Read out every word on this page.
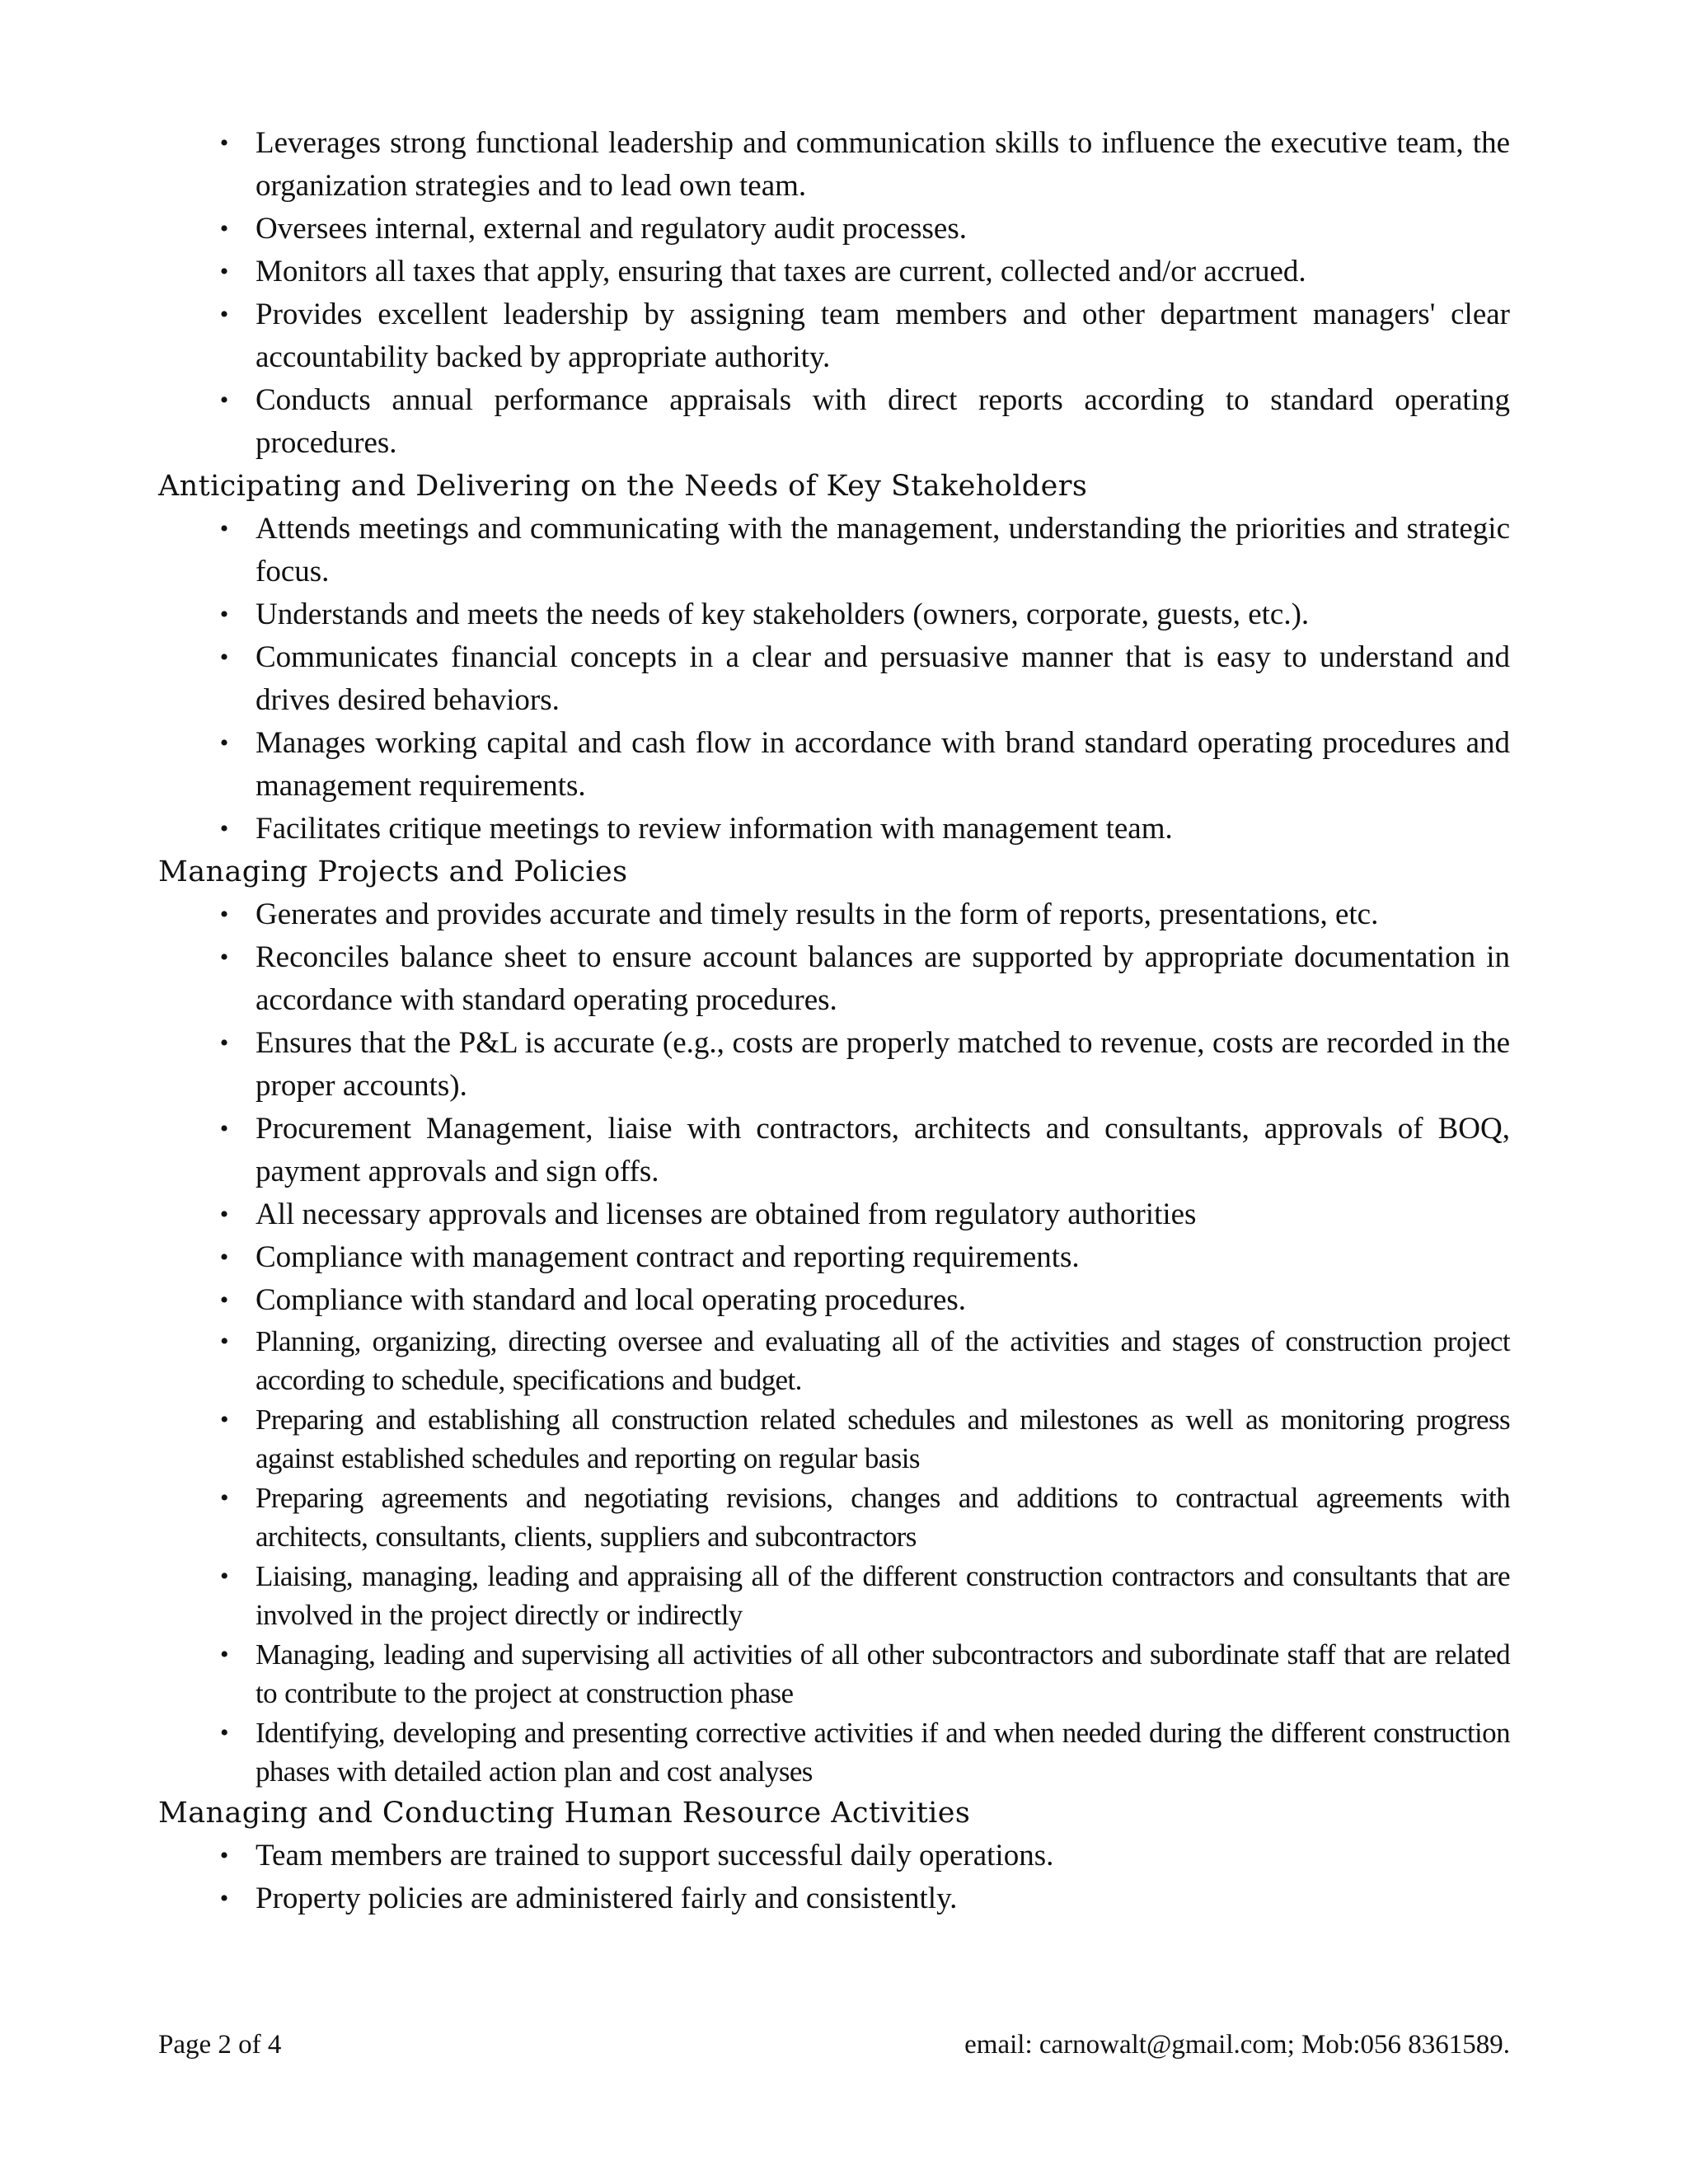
• Leverages strong functional leadership and communication skills to influence the executive team, the organization strategies and to lead own team.
• Oversees internal, external and regulatory audit processes.
• Monitors all taxes that apply, ensuring that taxes are current, collected and/or accrued.
• Provides excellent leadership by assigning team members and other department managers' clear accountability backed by appropriate authority.
• Conducts annual performance appraisals with direct reports according to standard operating procedures.
Anticipating and Delivering on the Needs of Key Stakeholders
• Attends meetings and communicating with the management, understanding the priorities and strategic focus.
• Understands and meets the needs of key stakeholders (owners, corporate, guests, etc.).
• Communicates financial concepts in a clear and persuasive manner that is easy to understand and drives desired behaviors.
• Manages working capital and cash flow in accordance with brand standard operating procedures and management requirements.
• Facilitates critique meetings to review information with management team.
Managing Projects and Policies
• Generates and provides accurate and timely results in the form of reports, presentations, etc.
• Reconciles balance sheet to ensure account balances are supported by appropriate documentation in accordance with standard operating procedures.
• Ensures that the P&L is accurate (e.g., costs are properly matched to revenue, costs are recorded in the proper accounts).
• Procurement Management, liaise with contractors, architects and consultants, approvals of BOQ, payment approvals and sign offs.
• All necessary approvals and licenses are obtained from regulatory authorities
• Compliance with management contract and reporting requirements.
• Compliance with standard and local operating procedures.
• Planning, organizing, directing oversee and evaluating all of the activities and stages of construction project according to schedule, specifications and budget.
• Preparing and establishing all construction related schedules and milestones as well as monitoring progress against established schedules and reporting on regular basis
• Preparing agreements and negotiating revisions, changes and additions to contractual agreements with architects, consultants, clients, suppliers and subcontractors
• Liaising, managing, leading and appraising all of the different construction contractors and consultants that are involved in the project directly or indirectly
• Managing, leading and supervising all activities of all other subcontractors and subordinate staff that are related to contribute to the project at construction phase
• Identifying, developing and presenting corrective activities if and when needed during the different construction phases with detailed action plan and cost analyses
Managing and Conducting Human Resource Activities
• Team members are trained to support successful daily operations.
• Property policies are administered fairly and consistently.
Page 2 of 4	email: carnowalt@gmail.com; Mob:056 8361589.
